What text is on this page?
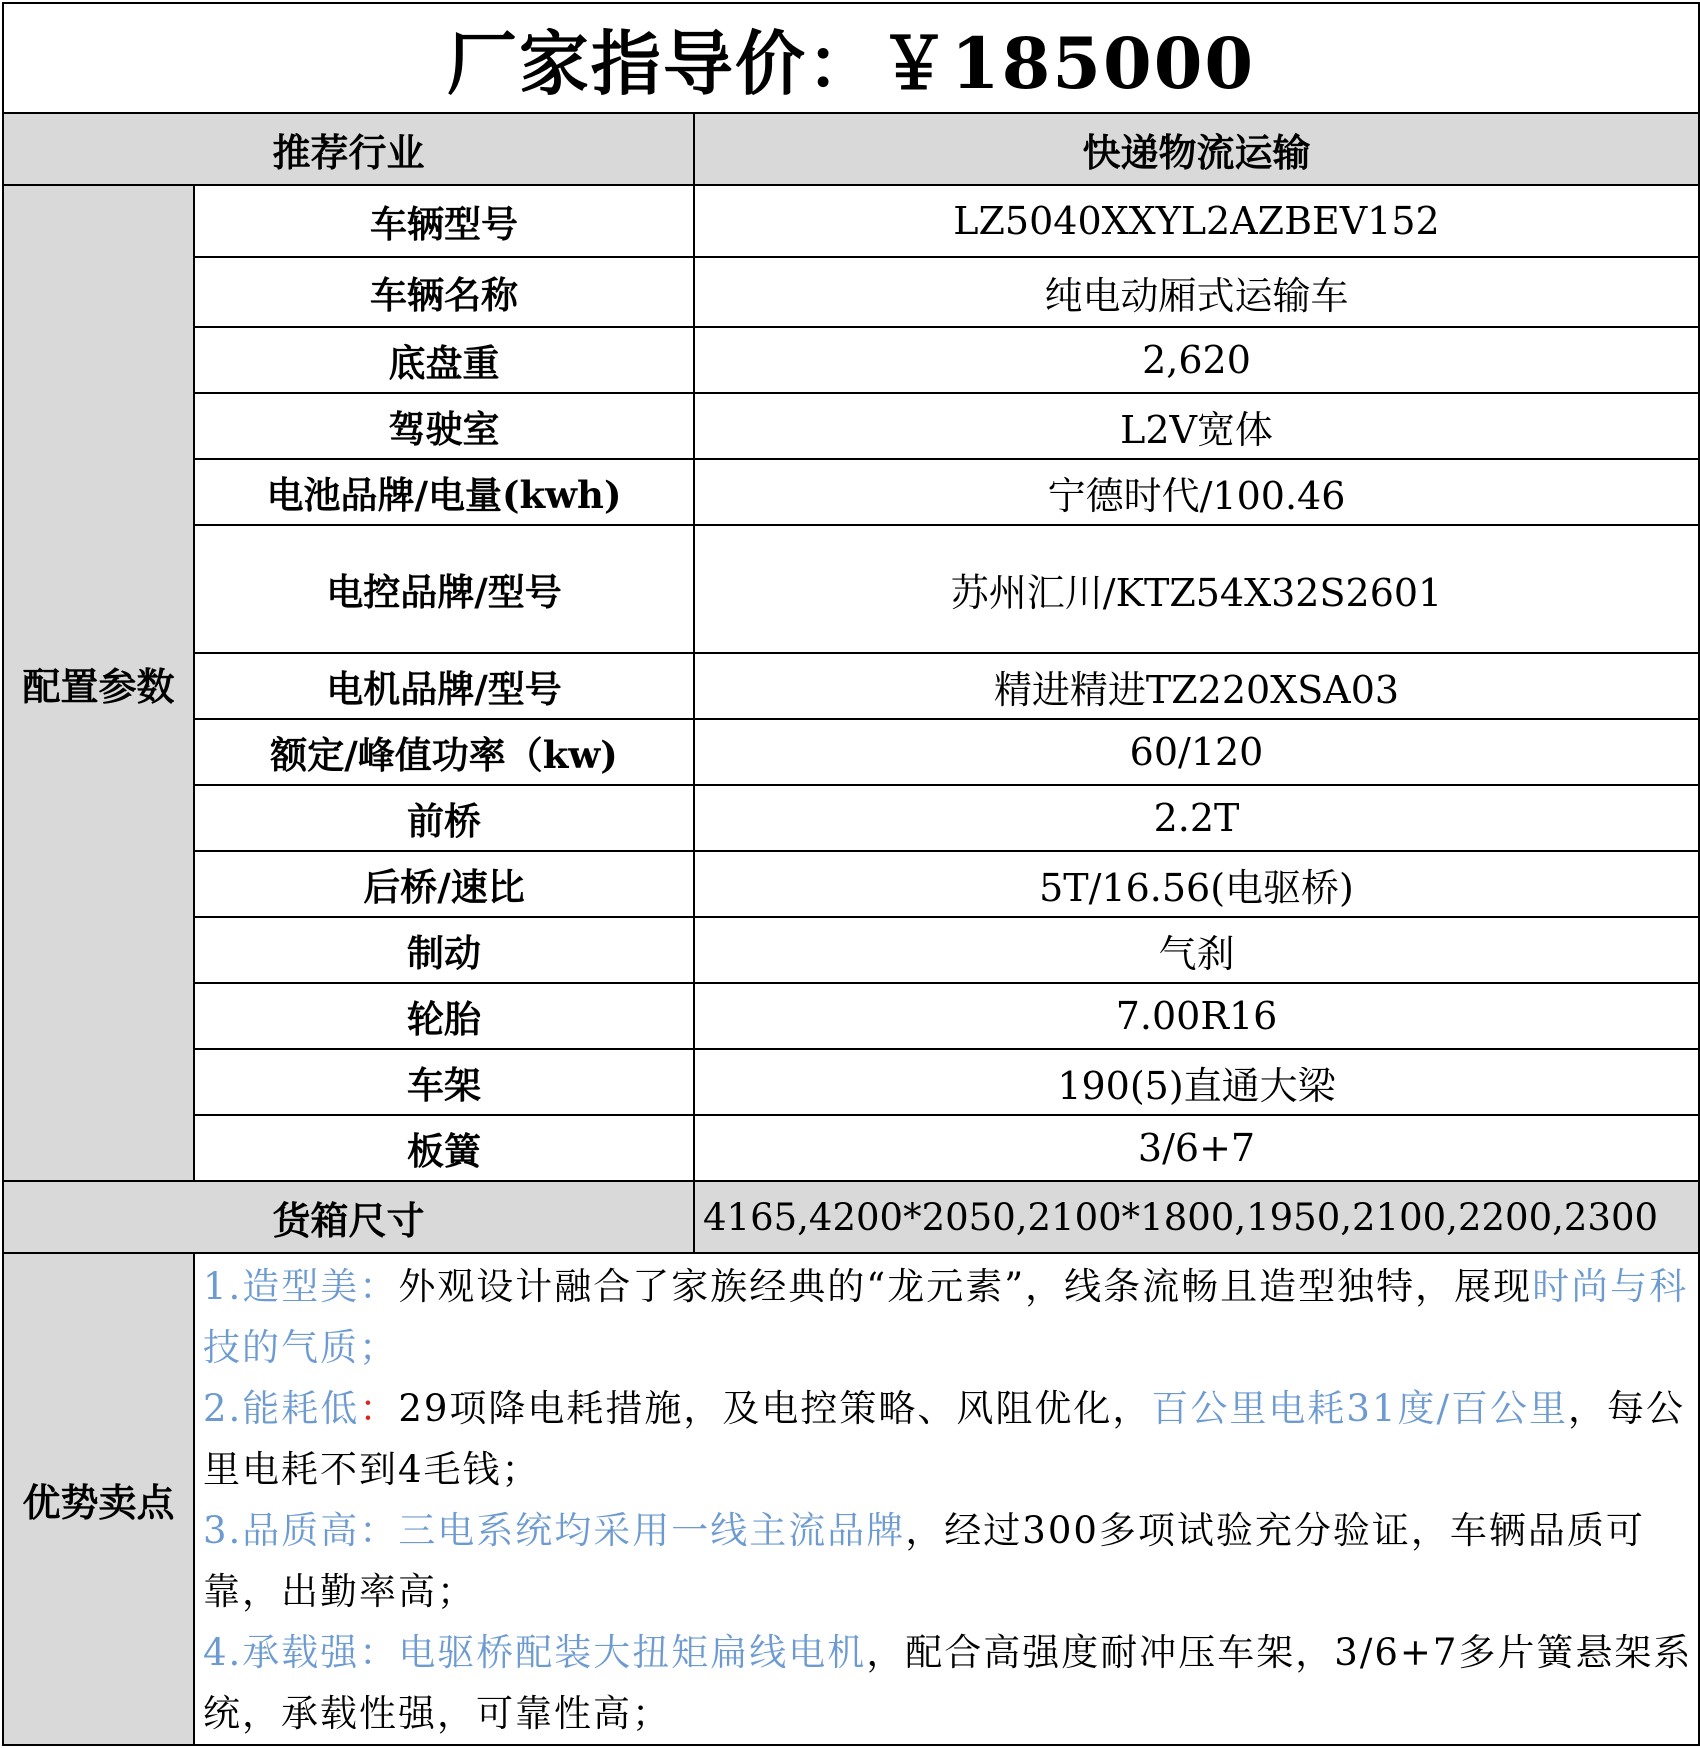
厂家指导价：￥185000		
推荐行业		快递物流运输
配置参数	车辆型号	LZ5040XXYL2AZBEV152
	车辆名称	纯电动厢式运输车
	底盘重	2,620
	驾驶室	L2V宽体
	电池品牌/电量(kwh)	宁德时代/100.46
	电控品牌/型号	苏州汇川/KTZ54X32S2601
	电机品牌/型号	精进精进TZ220XSA03
	额定/峰值功率（kw)	60/120
	前桥	2.2T
	后桥/速比	5T/16.56(电驱桥)
	制动	气刹
	轮胎	7.00R16
	车架	190(5)直通大梁
	板簧	3/6+7
货箱尺寸		4165,4200*2050,2100*1800,1950,2100,2200,2300
优势卖点	1.造型美：外观设计融合了家族经典的“龙元素”，线条流畅且造型独特，展现时尚与科技的气质；

2.能耗低：29项降电耗措施，及电控策略、风阻优化，百公里电耗31度/百公里，每公里电耗不到4毛钱；

3.品质高：三电系统均采用一线主流品牌，经过300多项试验充分验证，车辆品质可靠，出勤率高；

4.承载强：电驱桥配装大扭矩扁线电机，配合高强度耐冲压车架，3/6+7多片簧悬架系统，承载性强，可靠性高；	
